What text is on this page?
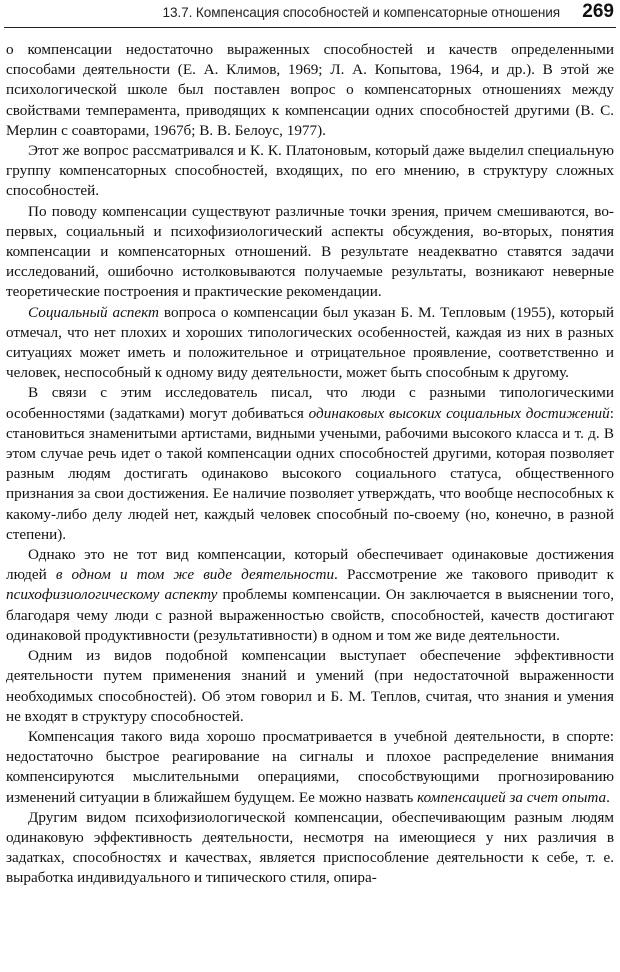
13.7. Компенсация способностей и компенсаторные отношения 269

о компенсации недостаточно выраженных способностей и качеств определенными способами деятельности (Е. А. Климов, 1969; Л. А. Копытова, 1964, и др.). В этой же психологической школе был поставлен вопрос о компенсаторных отношениях между свойствами темперамента, приводящих к компенсации одних способностей другими (В. С. Мерлин с соавторами, 1967б; В. В. Белоус, 1977).

Этот же вопрос рассматривался и К. К. Платоновым, который даже выделил специальную группу компенсаторных способностей, входящих, по его мнению, в структуру сложных способностей.

По поводу компенсации существуют различные точки зрения, причем смешиваются, во-первых, социальный и психофизиологический аспекты обсуждения, во-вторых, понятия компенсации и компенсаторных отношений. В результате неадекватно ставятся задачи исследований, ошибочно истолковываются получаемые результаты, возникают неверные теоретические построения и практические рекомендации.

Социальный аспект вопроса о компенсации был указан Б. М. Тепловым (1955), который отмечал, что нет плохих и хороших типологических особенностей, каждая из них в разных ситуациях может иметь и положительное и отрицательное проявление, соответственно и человек, неспособный к одному виду деятельности, может быть способным к другому.

В связи с этим исследователь писал, что люди с разными типологическими особенностями (задатками) могут добиваться одинаковых высоких социальных достижений: становиться знаменитыми артистами, видными учеными, рабочими высокого класса и т. д. В этом случае речь идет о такой компенсации одних способностей другими, которая позволяет разным людям достигать одинаково высокого социального статуса, общественного признания за свои достижения. Ее наличие позволяет утверждать, что вообще неспособных к какому-либо делу людей нет, каждый человек способный по-своему (но, конечно, в разной степени).

Однако это не тот вид компенсации, который обеспечивает одинаковые достижения людей в одном и том же виде деятельности. Рассмотрение же такового приводит к психофизиологическому аспекту проблемы компенсации. Он заключается в выяснении того, благодаря чему люди с разной выраженностью свойств, способностей, качеств достигают одинаковой продуктивности (результативности) в одном и том же виде деятельности.

Одним из видов подобной компенсации выступает обеспечение эффективности деятельности путем применения знаний и умений (при недостаточной выраженности необходимых способностей). Об этом говорил и Б. М. Теплов, считая, что знания и умения не входят в структуру способностей.

Компенсация такого вида хорошо просматривается в учебной деятельности, в спорте: недостаточно быстрое реагирование на сигналы и плохое распределение внимания компенсируются мыслительными операциями, способствующими прогнозированию изменений ситуации в ближайшем будущем. Ее можно назвать компенсацией за счет опыта.

Другим видом психофизиологической компенсации, обеспечивающим разным людям одинаковую эффективность деятельности, несмотря на имеющиеся у них различия в задатках, способностях и качествах, является приспособление деятельности к себе, т. е. выработка индивидуального и типического стиля, опира-
